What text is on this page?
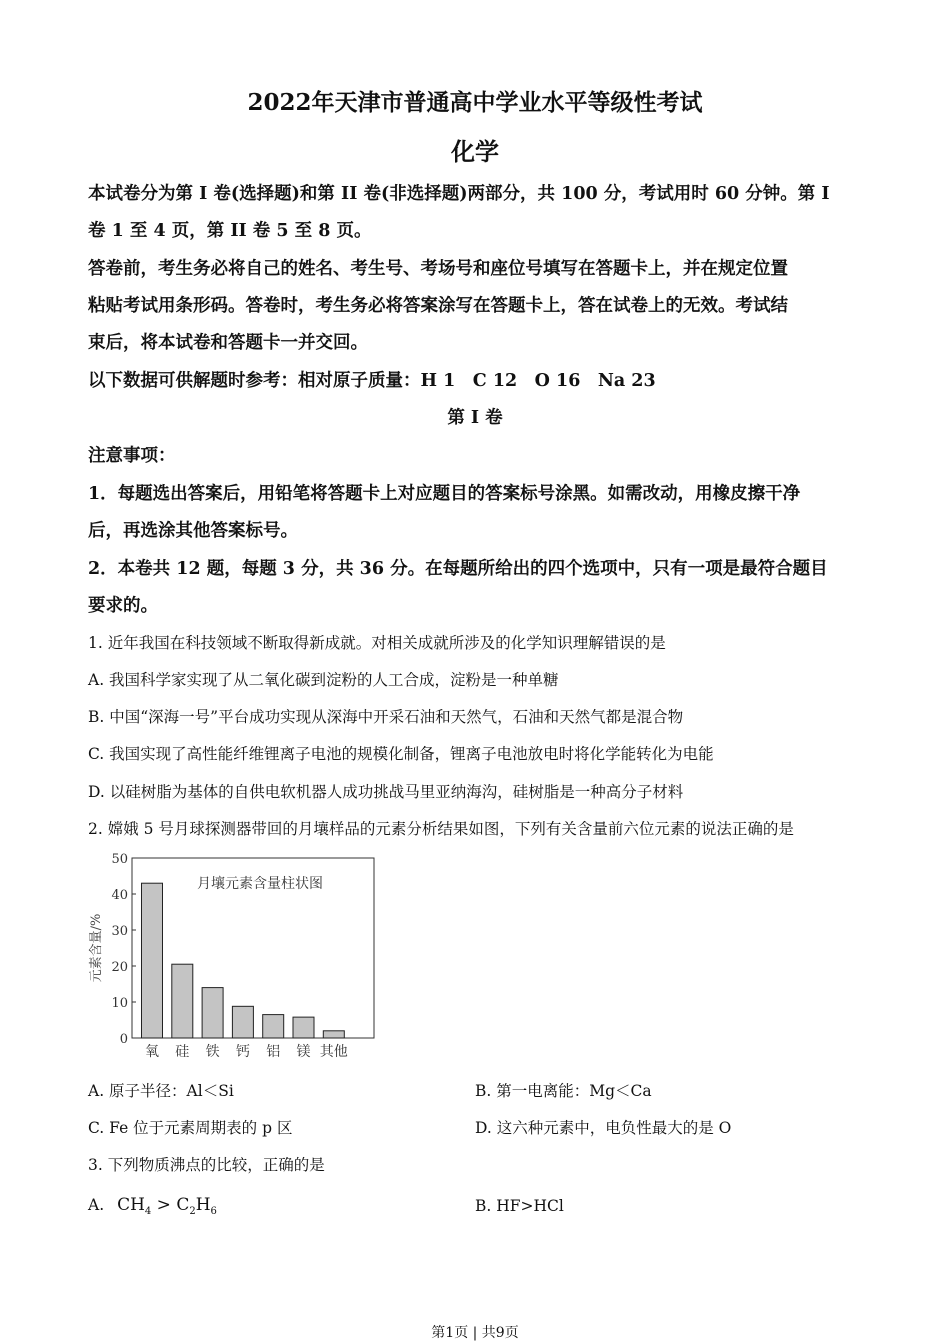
2022年天津市普通高中学业水平等级性考试
化学
本试卷分为第 I 卷(选择题)和第 II 卷(非选择题)两部分，共 100 分，考试用时 60 分钟。第 I
卷 1 至 4 页，第 II 卷 5 至 8 页。
答卷前，考生务必将自己的姓名、考生号、考场号和座位号填写在答题卡上，并在规定位置
粘贴考试用条形码。答卷时，考生务必将答案涂写在答题卡上，答在试卷上的无效。考试结
束后，将本试卷和答题卡一并交回。
以下数据可供解题时参考：相对原子质量：H 1　C 12　O 16　Na 23
第 I 卷
注意事项：
1．每题选出答案后，用铅笔将答题卡上对应题目的答案标号涂黑。如需改动，用橡皮擦干净
后，再选涂其他答案标号。
2．本卷共 12 题，每题 3 分，共 36 分。在每题所给出的四个选项中，只有一项是最符合题目
要求的。
1. 近年我国在科技领域不断取得新成就。对相关成就所涉及的化学知识理解错误的是
A. 我国科学家实现了从二氧化碳到淀粉的人工合成，淀粉是一种单糖
B. 中国“深海一号”平台成功实现从深海中开采石油和天然气，石油和天然气都是混合物
C. 我国实现了高性能纤维锂离子电池的规模化制备，锂离子电池放电时将化学能转化为电能
D. 以硅树脂为基体的自供电软机器人成功挑战马里亚纳海沟，硅树脂是一种高分子材料
2. 嫦娥 5 号月球探测器带回的月壤样品的元素分析结果如图，下列有关含量前六位元素的说法正确的是
0
10
20
30
40
50
氧 硅 铁 钙 铝 镁 其他
月壤元素含量柱状图
元素含量/%
A. 原子半径：Al＜Si	B. 第一电离能：Mg＜Ca
C. Fe 位于元素周期表的 p 区	D. 这六种元素中，电负性最大的是 O
3. 下列物质沸点的比较，正确的是
A. $CH_4 > C_2H_6$	B. HF>HCl
第1页 | 共9页
